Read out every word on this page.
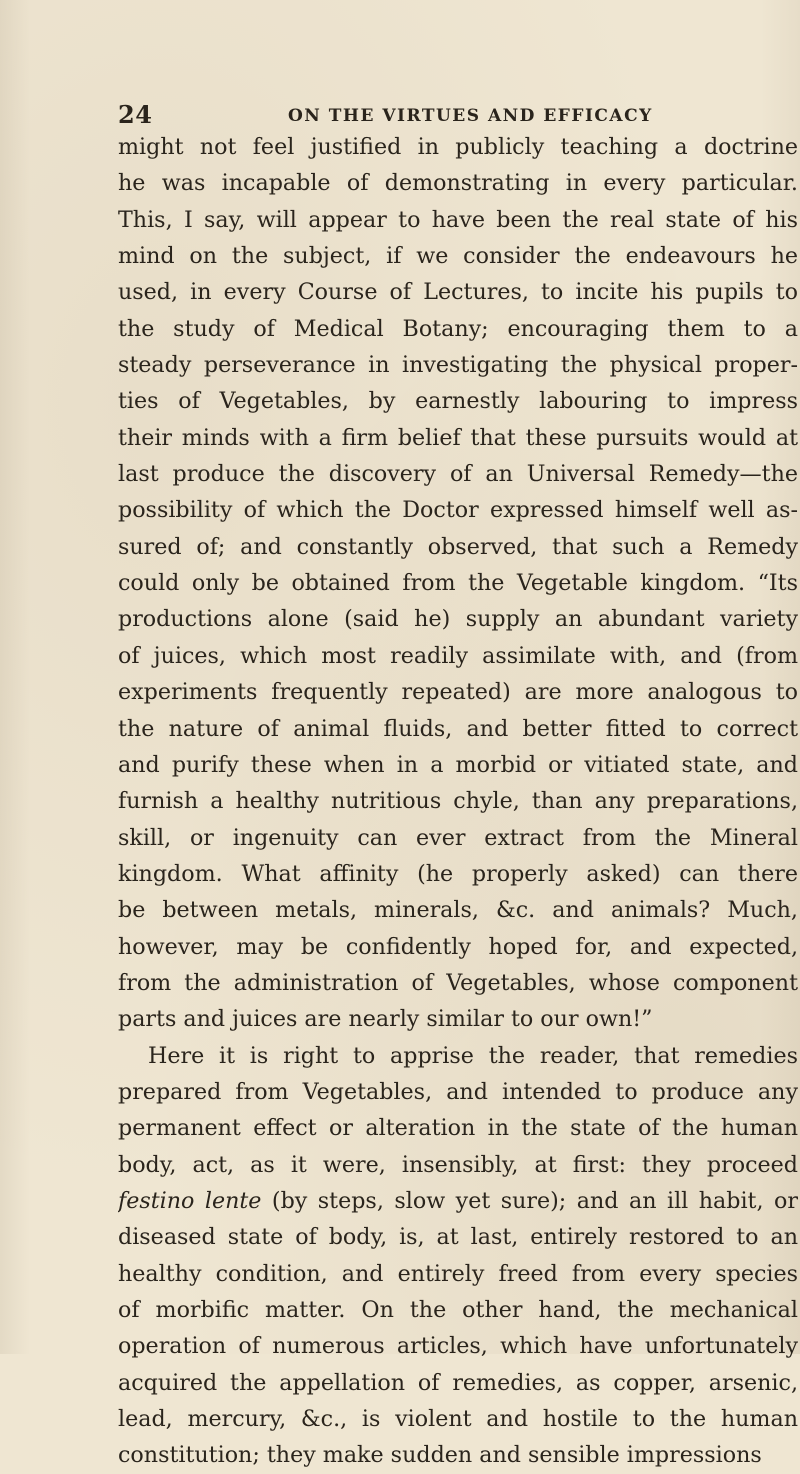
24	ON THE VIRTUES AND EFFICACY
might not feel justified in publicly teaching a doctrine
he was incapable of demonstrating in every particular.
This, I say, will appear to have been the real state of his
mind on the subject, if we consider the endeavours he
used, in every Course of Lectures, to incite his pupils to
the study of Medical Botany; encouraging them to a
steady perseverance in investigating the physical proper-
ties of Vegetables, by earnestly labouring to impress
their minds with a firm belief that these pursuits would at
last produce the discovery of an Universal Remedy—the
possibility of which the Doctor expressed himself well as-
sured of; and constantly observed, that such a Remedy
could only be obtained from the Vegetable kingdom. “Its
productions alone (said he) supply an abundant variety
of juices, which most readily assimilate with, and (from
experiments frequently repeated) are more analogous to
the nature of animal fluids, and better fitted to correct
and purify these when in a morbid or vitiated state, and
furnish a healthy nutritious chyle, than any preparations,
skill, or ingenuity can ever extract from the Mineral
kingdom. What affinity (he properly asked) can there
be between metals, minerals, &c. and animals? Much,
however, may be confidently hoped for, and expected,
from the administration of Vegetables, whose component
parts and juices are nearly similar to our own!”
Here it is right to apprise the reader, that remedies
prepared from Vegetables, and intended to produce any
permanent effect or alteration in the state of the human
body, act, as it were, insensibly, at first: they proceed
festino lente (by steps, slow yet sure); and an ill habit, or
diseased state of body, is, at last, entirely restored to an
healthy condition, and entirely freed from every species
of morbific matter. On the other hand, the mechanical
operation of numerous articles, which have unfortunately
acquired the appellation of remedies, as copper, arsenic,
lead, mercury, &c., is violent and hostile to the human
constitution; they make sudden and sensible impressions
